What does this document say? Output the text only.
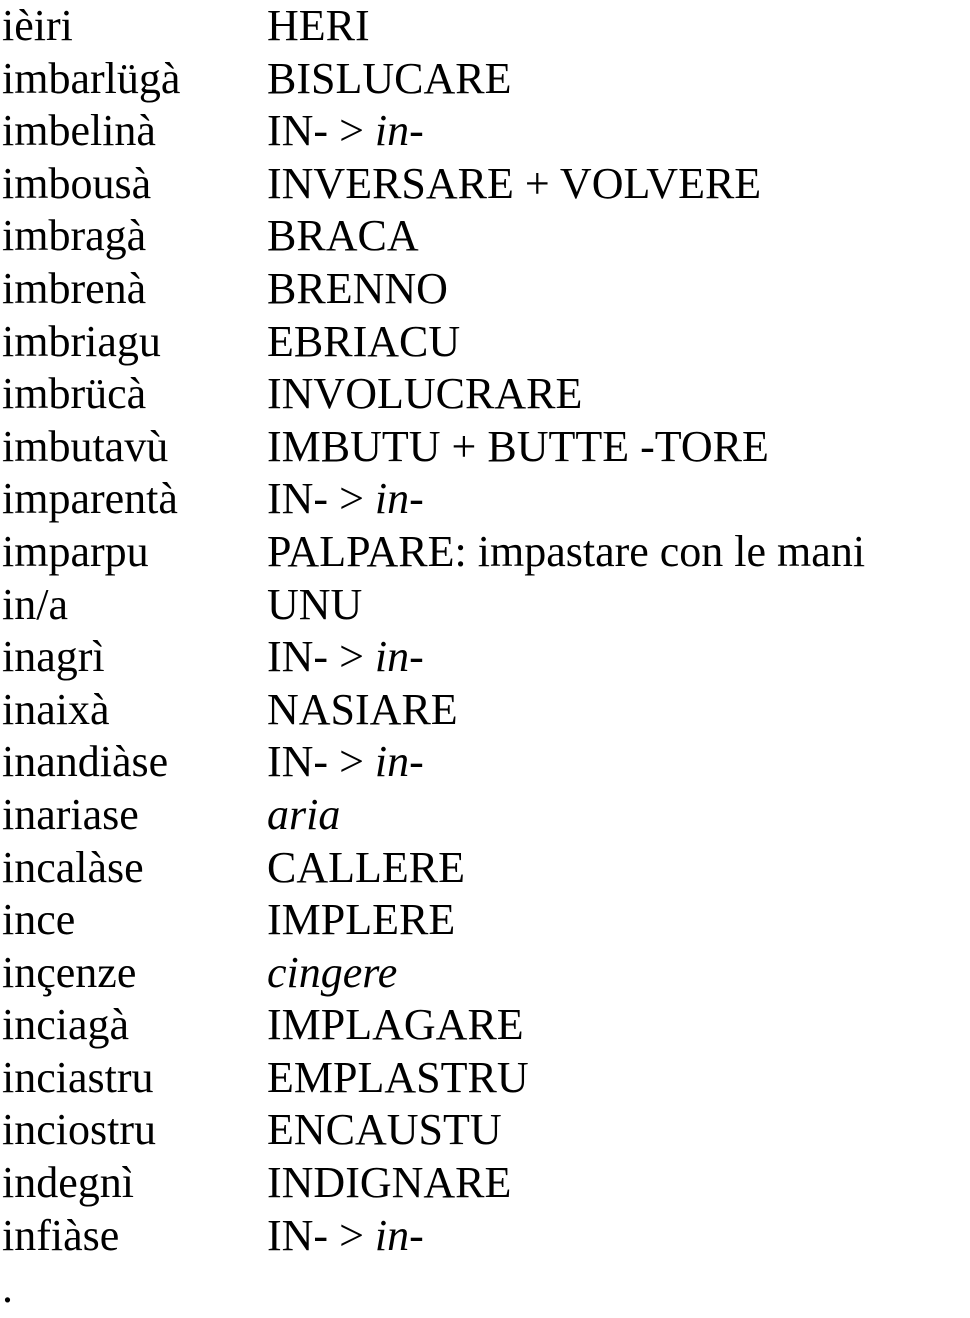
ièiri	HERI
imbarlügà	BISLUCARE
imbelinà	IN- > in-
imbousà	INVERSARE + VOLVERE
imbragà	BRACA
imbrenà	BRENNO
imbriagu	EBRIACU
imbrücà	INVOLUCRARE
imbutavù	IMBUTU + BUTTE -TORE
imparentà	IN- > in-
imparpu	PALPARE: impastare con le mani
in/a	UNU
inagrì	IN- > in-
inaixà	NASIARE
inandiàse	IN- > in-
inariase	aria
incalàse	CALLERE
ince	IMPLERE
inçenze	cingere
inciagà	IMPLAGARE
inciastru	EMPLASTRU
inciostru	ENCAUSTU
indegnì	INDIGNARE
infiàse	IN- > in-
.
